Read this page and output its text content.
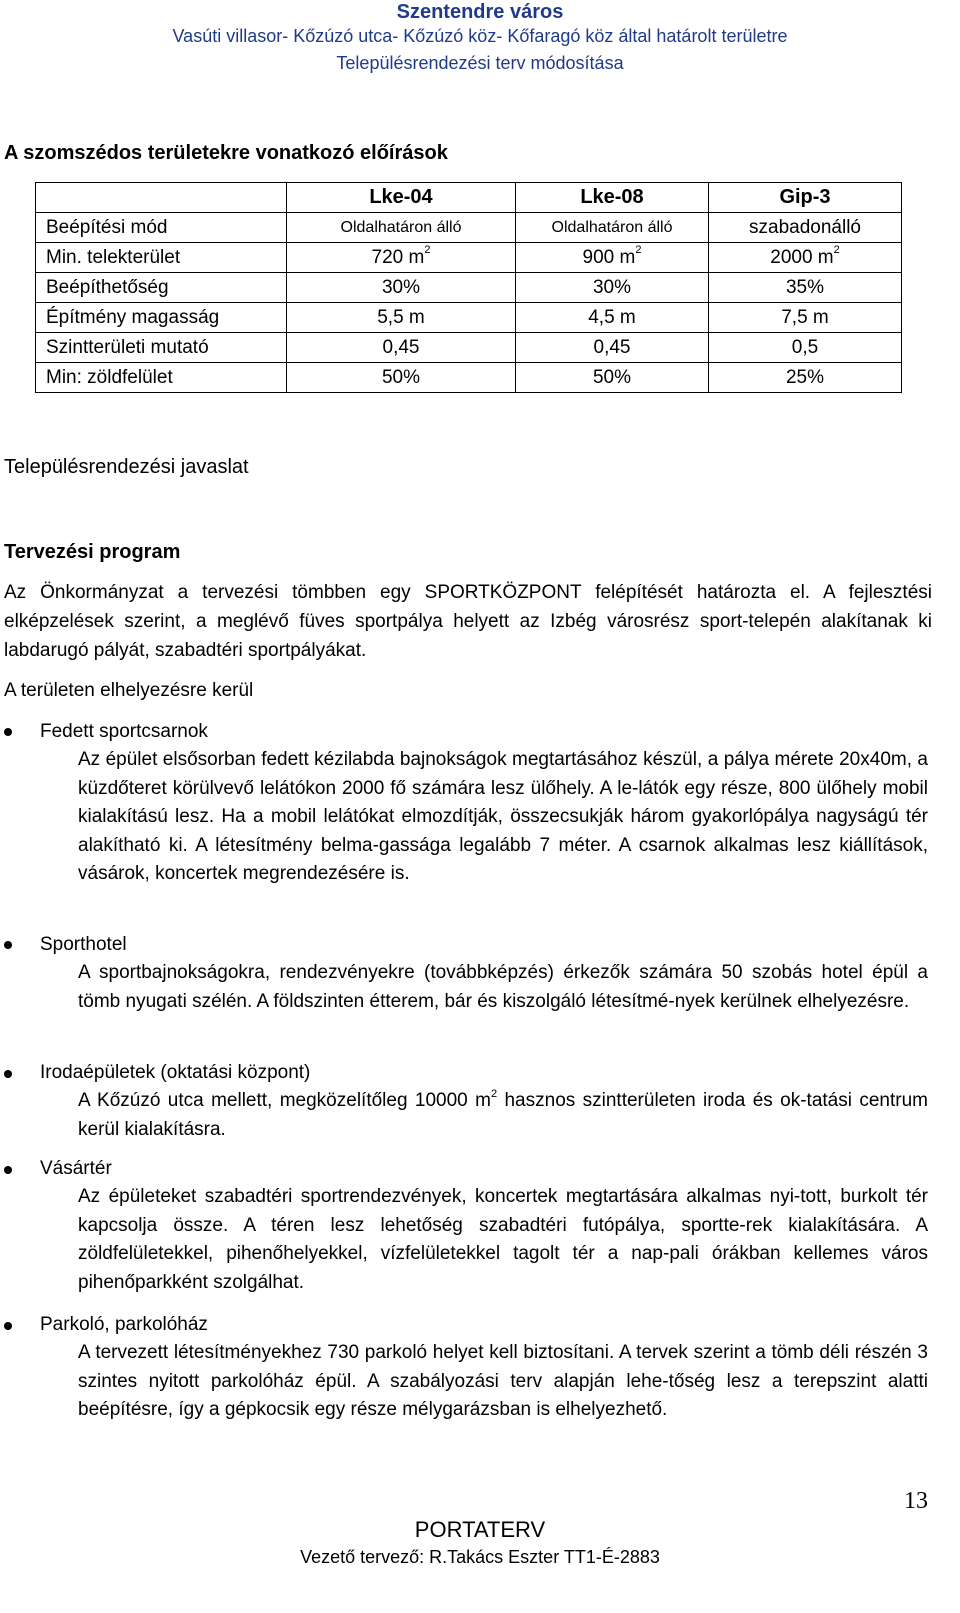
Szentendre város
Vasúti villasor- Kőzúzó utca- Kőzúzó köz- Kőfaragó köz által határolt területre
Településrendezési terv módosítása
A szomszédos területekre vonatkozó előírások
	Lke-04	Lke-08	Gip-3
Beépítési mód	Oldalhatáron álló	Oldalhatáron álló	szabadonálló
Min. telekterület	720 $m^2$	900 $m^2$	2000 $m^2$
Beépíthetőség	30%	30%	35%
Építmény magasság	5,5 m	4,5 m	7,5 m
Szintterületi mutató	0,45	0,45	0,5
Min: zöldfelület	50%	50%	25%
Településrendezési javaslat
Tervezési program
Az Önkormányzat a tervezési tömbben egy SPORTKÖZPONT felépítését határozta el. A fejlesztési elképzelések szerint, a meglévő füves sportpálya helyett az Izbég városrész sport-telepén alakítanak ki labdarugó pályát, szabadtéri sportpályákat.
A területen elhelyezésre kerül
Fedett sportcsarnok
Az épület elsősorban fedett kézilabda bajnokságok megtartásához készül, a pálya mérete 20x40m, a küzdőteret körülvevő lelátókon 2000 fő számára lesz ülőhely. A le-látók egy része, 800 ülőhely mobil kialakítású lesz. Ha a mobil lelátókat elmozdítják, összecsukják három gyakorlópálya nagyságú tér alakítható ki. A létesítmény belma-gassága legalább 7 méter. A csarnok alkalmas lesz kiállítások, vásárok, koncertek megrendezésére is.
Sporthotel
A sportbajnokságokra, rendezvényekre (továbbképzés) érkezők számára 50 szobás hotel épül a tömb nyugati szélén. A földszinten étterem, bár és kiszolgáló létesítmé-nyek kerülnek elhelyezésre.
Irodaépületek (oktatási központ)
A Kőzúzó utca mellett, megközelítőleg 10000 $m^2$ hasznos szintterületen iroda és ok-tatási centrum kerül kialakításra.
Vásártér
Az épületeket szabadtéri sportrendezvények, koncertek megtartására alkalmas nyi-tott, burkolt tér kapcsolja össze. A téren lesz lehetőség szabadtéri futópálya, sportte-rek kialakítására. A zöldfelületekkel, pihenőhelyekkel, vízfelületekkel tagolt tér a nap-pali órákban kellemes város pihenőparkként szolgálhat.
Parkoló, parkolóház
A tervezett létesítményekhez 730 parkoló helyet kell biztosítani. A tervek szerint a tömb déli részén 3 szintes nyitott parkolóház épül. A szabályozási terv alapján lehe-tőség lesz a terepszint alatti beépítésre, így a gépkocsik egy része mélygarázsban is elhelyezhető.
13
PORTATERV
Vezető tervező: R.Takács Eszter TT1-É-2883
